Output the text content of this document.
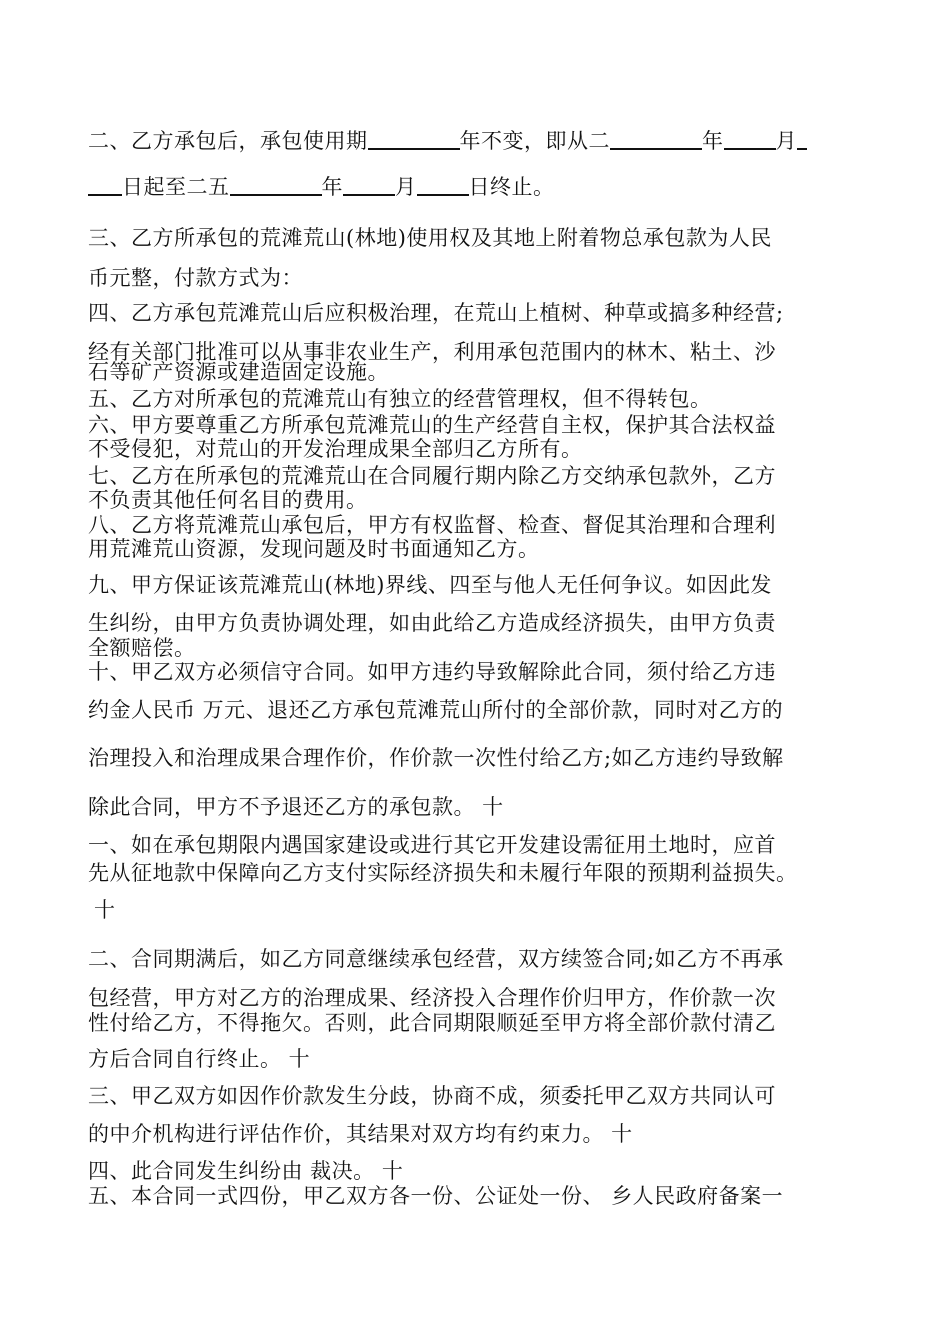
二、乙方承包后，承包使用期	年不变，即从二	年 月
日起至二五	年 月 日终止。
三、乙方所承包的荒滩荒山(林地)使用权及其地上附着物总承包款为人民
币元整，付款方式为：
四、乙方承包荒滩荒山后应积极治理，在荒山上植树、种草或搞多种经营;
经有关部门批准可以从事非农业生产，利用承包范围内的林木、粘土、沙
石等矿产资源或建造固定设施。
五、乙方对所承包的荒滩荒山有独立的经营管理权，但不得转包。
六、甲方要尊重乙方所承包荒滩荒山的生产经营自主权，保护其合法权益
不受侵犯，对荒山的开发治理成果全部归乙方所有。
七、乙方在所承包的荒滩荒山在合同履行期内除乙方交纳承包款外，乙方
不负责其他任何名目的费用。
八、乙方将荒滩荒山承包后，甲方有权监督、检查、督促其治理和合理利
用荒滩荒山资源，发现问题及时书面通知乙方。
九、甲方保证该荒滩荒山(林地)界线、四至与他人无任何争议。如因此发
生纠纷，由甲方负责协调处理，如由此给乙方造成经济损失，由甲方负责
全额赔偿。
十、甲乙双方必须信守合同。如甲方违约导致解除此合同，须付给乙方违
约金人民币 万元、退还乙方承包荒滩荒山所付的全部价款，同时对乙方的
治理投入和治理成果合理作价，作价款一次性付给乙方;如乙方违约导致解
除此合同，甲方不予退还乙方的承包款。 十
一、如在承包期限内遇国家建设或进行其它开发建设需征用土地时，应首
先从征地款中保障向乙方支付实际经济损失和未履行年限的预期利益损失。
十
二、合同期满后，如乙方同意继续承包经营，双方续签合同;如乙方不再承
包经营，甲方对乙方的治理成果、经济投入合理作价归甲方，作价款一次
性付给乙方，不得拖欠。否则，此合同期限顺延至甲方将全部价款付清乙
方后合同自行终止。 十
三、甲乙双方如因作价款发生分歧，协商不成，须委托甲乙双方共同认可
的中介机构进行评估作价，其结果对双方均有约束力。 十
四、此合同发生纠纷由 裁决。 十
五、本合同一式四份，甲乙双方各一份、公证处一份、 乡人民政府备案一
